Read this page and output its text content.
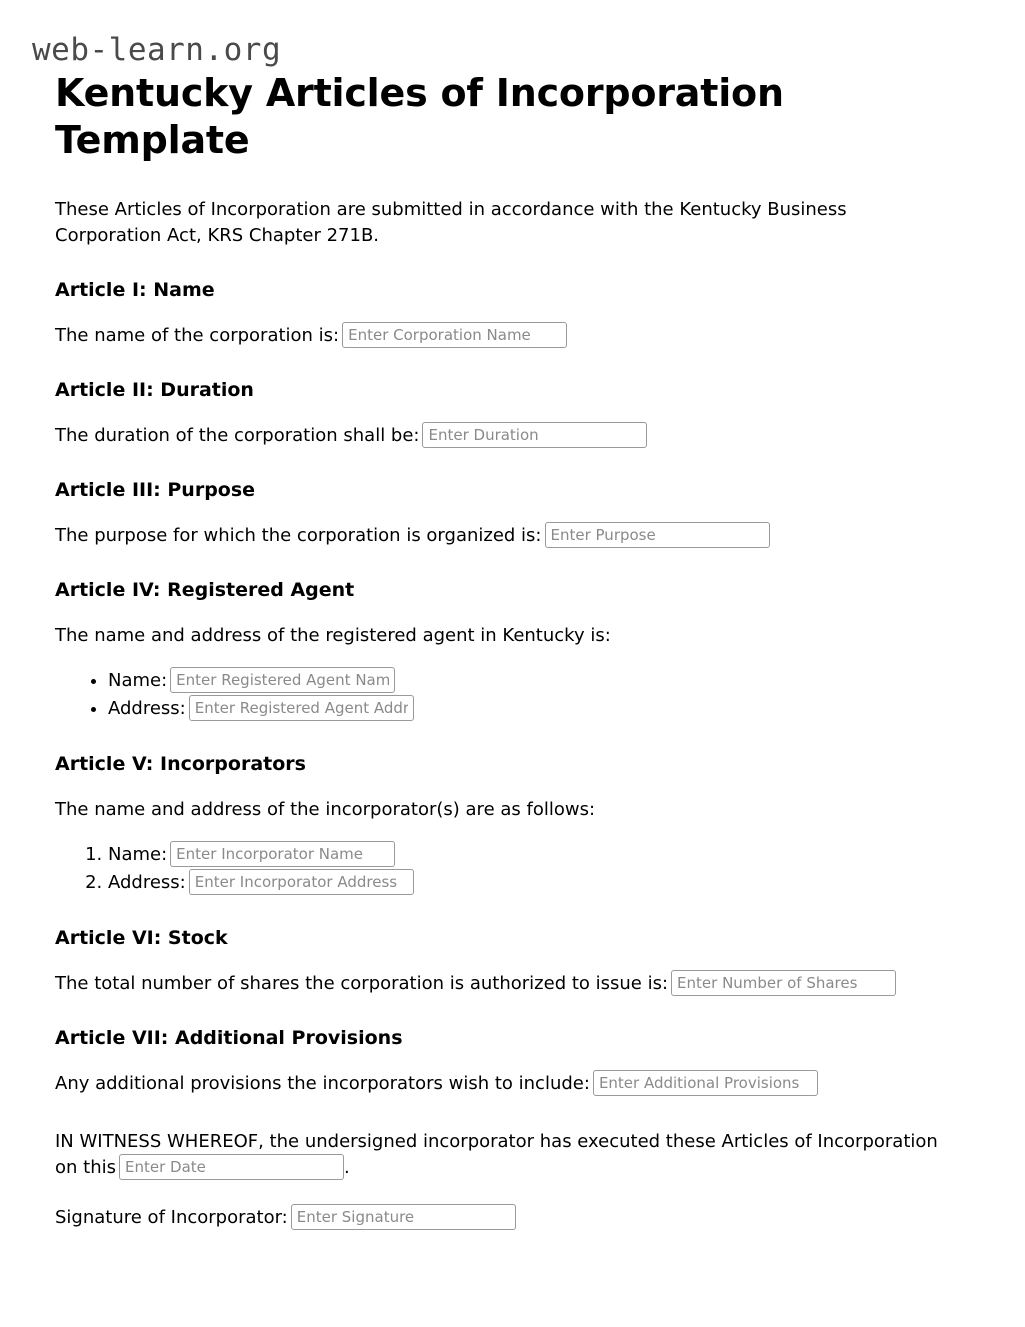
web-learn.org
Kentucky Articles of Incorporation Template

These Articles of Incorporation are submitted in accordance with the Kentucky Business Corporation Act, KRS Chapter 271B.

Article I: Name

The name of the corporation is:Enter Corporation Name

Article II: Duration

The duration of the corporation shall be:Enter Duration

Article III: Purpose

The purpose for which the corporation is organized is:Enter Purpose

Article IV: Registered Agent

The name and address of the registered agent in Kentucky is:

• Name:Enter Registered Agent Name
• Address:Enter Registered Agent Address
Article V: Incorporators

The name and address of the incorporator(s) are as follows:

1. Name:Enter Incorporator Name
2. Address:Enter Incorporator Address
Article VI: Stock

The total number of shares the corporation is authorized to issue is:Enter Number of Shares

Article VII: Additional Provisions

Any additional provisions the incorporators wish to include:Enter Additional Provisions

IN WITNESS WHEREOF, the undersigned incorporator has executed these Articles of Incorporation on thisEnter Date	.

Signature of Incorporator:Enter Signature
